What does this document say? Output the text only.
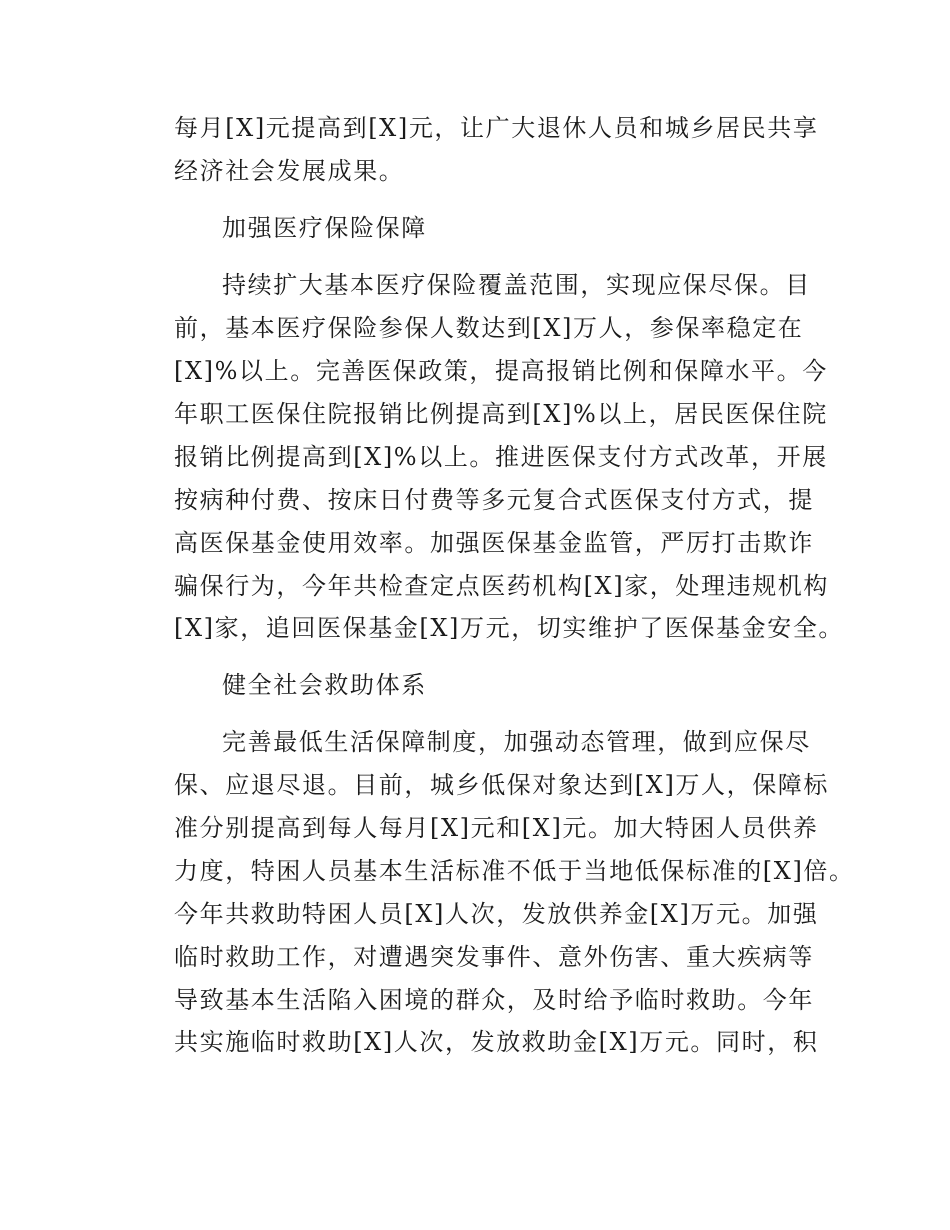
每月[X]元提高到[X]元，让广大退休人员和城乡居民共享

经济社会发展成果。

加强医疗保险保障

持续扩大基本医疗保险覆盖范围，实现应保尽保。目

前，基本医疗保险参保人数达到[X]万人，参保率稳定在

[X]%以上。完善医保政策，提高报销比例和保障水平。今

年职工医保住院报销比例提高到[X]%以上，居民医保住院

报销比例提高到[X]%以上。推进医保支付方式改革，开展

按病种付费、按床日付费等多元复合式医保支付方式，提

高医保基金使用效率。加强医保基金监管，严厉打击欺诈

骗保行为，今年共检查定点医药机构[X]家，处理违规机构

[X]家，追回医保基金[X]万元，切实维护了医保基金安全。

健全社会救助体系

完善最低生活保障制度，加强动态管理，做到应保尽

保、应退尽退。目前，城乡低保对象达到[X]万人，保障标

准分别提高到每人每月[X]元和[X]元。加大特困人员供养

力度，特困人员基本生活标准不低于当地低保标准的[X]倍。

今年共救助特困人员[X]人次，发放供养金[X]万元。加强

临时救助工作，对遭遇突发事件、意外伤害、重大疾病等

导致基本生活陷入困境的群众，及时给予临时救助。今年

共实施临时救助[X]人次，发放救助金[X]万元。同时，积
